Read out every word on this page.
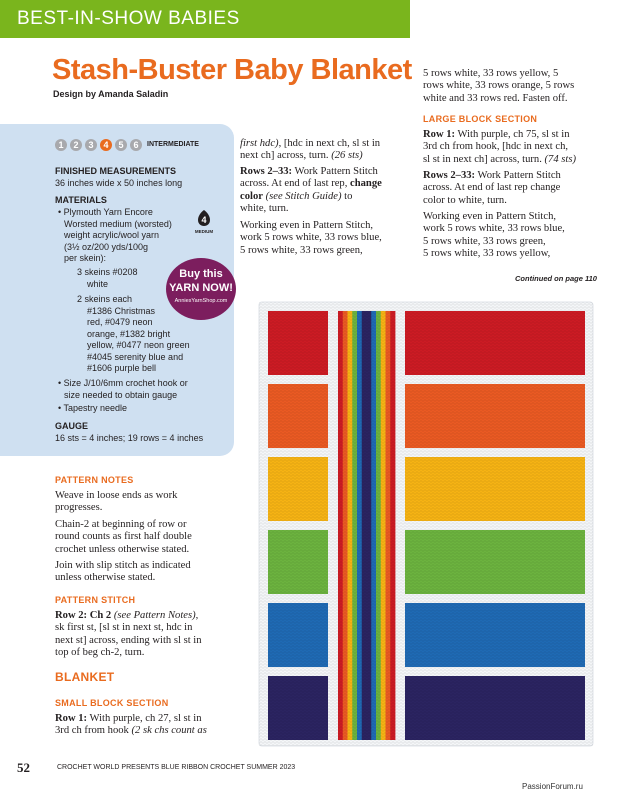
BEST-IN-SHOW BABIES
Stash-Buster Baby Blanket
Design by Amanda Saladin
1	2	3	4	5	6	INTERMEDIATE
FINISHED MEASUREMENTS
36 inches wide x 50 inches long
MATERIALS
• Plymouth Yarn Encore
Worsted medium (worsted)
weight acrylic/wool yarn
(3½ oz/200 yds/100g
per skein):
3 skeins #0208
white
2 skeins each
#1386 Christmas
red, #0479 neon
orange, #1382 bright
yellow, #0477 neon green
#4045 serenity blue and
#1606 purple bell
• Size J/10/6mm crochet hook or
size needed to obtain gauge
• Tapestry needle
GAUGE
16 sts = 4 inches; 19 rows = 4 inches
4
MEDIUM
Buy this
YARN NOW!
AnniesYarnShop.com
PATTERN NOTES
Weave in loose ends as work
progresses.
Chain-2 at beginning of row or
round counts as first half double
crochet unless otherwise stated.
Join with slip stitch as indicated
unless otherwise stated.
PATTERN STITCH
Row 2: Ch 2 (see Pattern Notes),
sk first st, [sl st in next st, hdc in
next st] across, ending with sl st in
top of beg ch-2, turn.
BLANKET
SMALL BLOCK SECTION
Row 1: With purple, ch 27, sl st in
3rd ch from hook (2 sk chs count as
first hdc), [hdc in next ch, sl st in
next ch] across, turn. (26 sts)
Rows 2–33: Work Pattern Stitch
across. At end of last rep, change
color (see Stitch Guide) to
white, turn.
Working even in Pattern Stitch,
work 5 rows white, 33 rows blue,
5 rows white, 33 rows green,
5 rows white, 33 rows yellow, 5
rows white, 33 rows orange, 5 rows
white and 33 rows red. Fasten off.
LARGE BLOCK SECTION
Row 1: With purple, ch 75, sl st in
3rd ch from hook, [hdc in next ch,
sl st in next ch] across, turn. (74 sts)
Rows 2–33: Work Pattern Stitch
across. At end of last rep change
color to white, turn.
Working even in Pattern Stitch,
work 5 rows white, 33 rows blue,
5 rows white, 33 rows green,
5 rows white, 33 rows yellow,
Continued on page 110
52	CROCHET WORLD PRESENTS BLUE RIBBON CROCHET SUMMER 2023
PassionForum.ru
